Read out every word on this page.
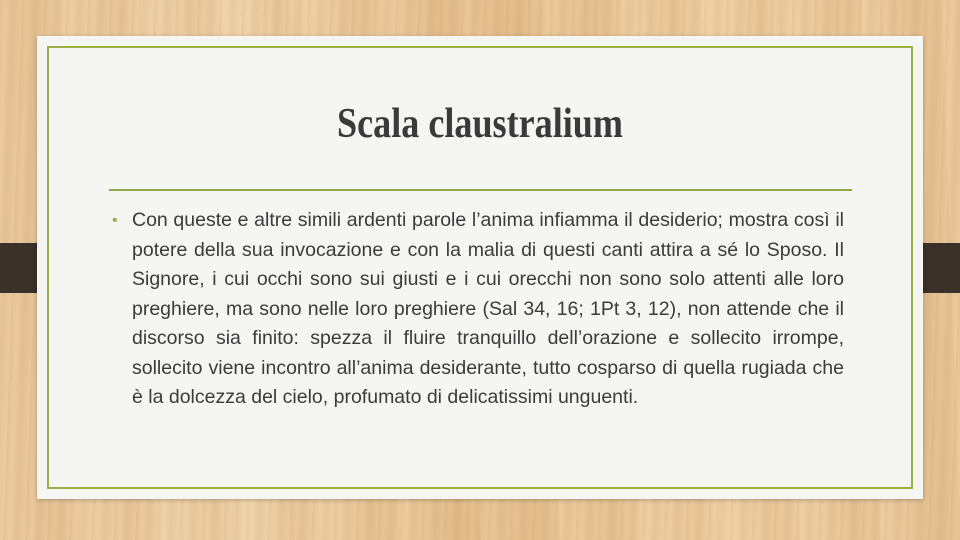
Scala claustralium

• Con queste e altre simili ardenti parole l’anima infiamma il desiderio; mostra così il potere della sua invocazione e con la malia di questi canti attira a sé lo Sposo. Il Signore, i cui occhi sono sui giusti e i cui orecchi non sono solo attenti alle loro preghiere, ma sono nelle loro preghiere (Sal 34, 16; 1Pt 3, 12), non attende che il discorso sia finito: spezza il fluire tranquillo dell’orazione e sollecito irrompe, sollecito viene incontro all’anima desiderante, tutto cosparso di quella rugiada che è la dolcezza del cielo, profumato di delicatissimi unguenti.
